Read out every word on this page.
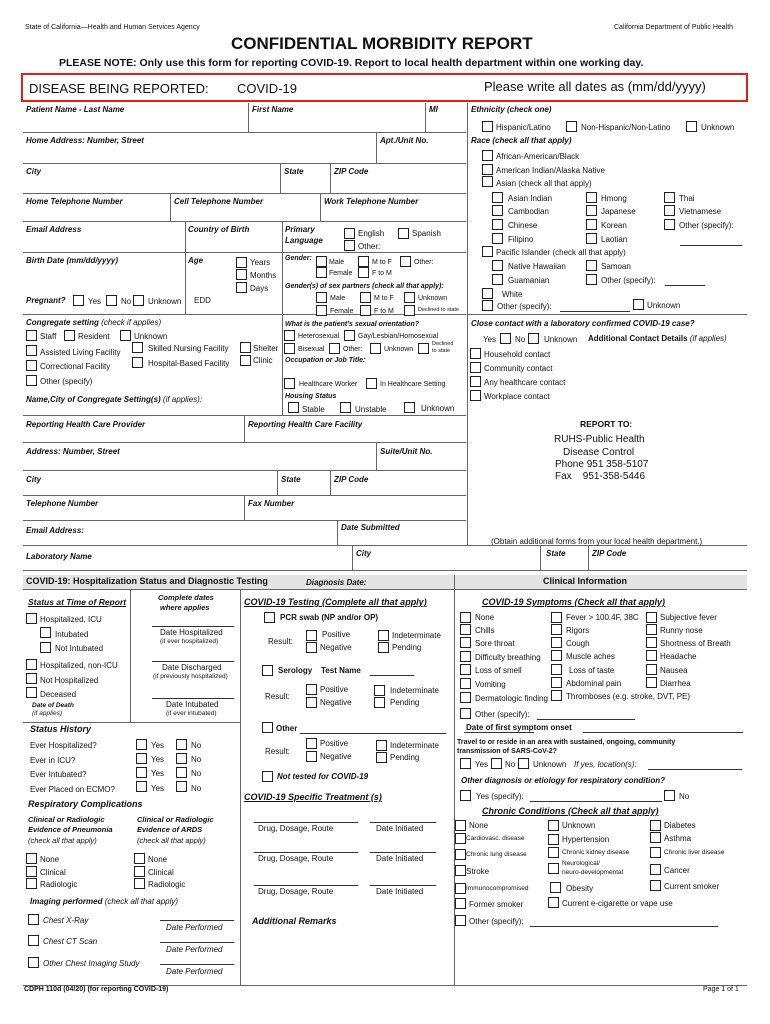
State of California—Health and Human Services Agency	California Department of Public Health
CONFIDENTIAL MORBIDITY REPORT
PLEASE NOTE: Only use this form for reporting COVID-19. Report to local health department within one working day.
DISEASE BEING REPORTED: COVID-19	Please write all dates as (mm/dd/yyyy)
Patient Name - Last Name	First Name	MI
Home Address: Number, Street	Apt./Unit No.
City	State	ZIP Code
Home Telephone Number	Cell Telephone Number	Work Telephone Number
Email Address	Country of Birth	Primary
Language
English	Spanish
Other:
Birth Date (mm/dd/yyyy)	Age	Years
Months
Days
Gender:
Male	M to F	Other:
Female	F to M
Gender(s) of sex partners (check all that apply):
Male	M to F	Unknown
Female	F to M	Declined to state
Pregnant?	Yes No Unknown EDD
Congregate setting (check if applies)
Staff	Resident	Unknown
Assisted Living Facility	Skilled Nursing Facility	Shelter
Correctional Facility	Hospital-Based Facility	Clinic
Other (specify)
Name,City of Congregate Setting(s) (if applies):
What is the patient’s sexual orientation?
Heterosexual	Gay/Lesbian/Homosexual
Bisexual	Other:	Unknown
Declined
to state
Occupation or Job Title:
Healthcare Worker	In Healthcare Setting
Housing Status
Stable	Unstable	Unknown
Ethnicity (check one)
Hispanic/Latino	Non-Hispanic/Non-Latino	Unknown
Race (check all that apply)
African-American/Black
American Indian/Alaska Native
Asian (check all that apply)
Asian Indian	Hmong	Thai
Cambodian	Japanese	Vietnamese
Chinese	Korean	Other (specify):
Filipino	Laotian
Pacific Islander (check all that apply)
Native Hawaiian	Samoan
Guamanian	Other (specify):
White
Other (specify):	Unknown
Close contact with a laboratory confirmed COVID-19 case?
Yes No Unknown Additional Contact Details (if applies)
Household contact
Community contact
Any healthcare contact
Workplace contact
Reporting Health Care Provider	Reporting Health Care Facility
Address: Number, Street	Suite/Unit No.
City	State	ZIP Code
Telephone Number	Fax Number
Email Address:	Date Submitted
Laboratory Name	City	State	ZIP Code
REPORT TO:
RUHS-Public Health
Disease Control
Phone 951 358-5107
Fax    951-358-5446
(Obtain additional forms from your local health department.)
COVID-19: Hospitalization Status and Diagnostic Testing	Diagnosis Date:	Clinical Information
Status at Time of Report	Complete dates
where applies
Hospitalized, ICU
Intubated
Not Intubated
Hospitalized, non-ICU
Not Hospitalized
Deceased
Date of Death
(if applies)
Date Hospitalized
(if ever hospitalized)
Date Discharged
(if previously hospitalized)
Date Intubated
(if ever intubated)
Status History
Ever Hospitalized?	Yes	No
Ever in ICU?	Yes	No
Ever Intubated?	Yes	No
Ever Placed on ECMO?	Yes	No
Respiratory Complications
Clinical or Radiologic
Evidence of Pneumonia
(check all that apply)
Clinical or Radiologic
Evidence of ARDS
(check all that apply)
None
Clinical
Radiologic
None
Clinical
Radiologic
Imaging performed (check all that apply)
Chest X-Ray
Date Performed
Chest CT Scan
Date Performed
Other Chest Imaging Study
Date Performed
COVID-19 Testing (Complete all that apply)
PCR swab (NP and/or OP)
Result:
Positive
Negative
Indeterminate
Pending
Serology Test Name
Result:
Positive
Negative
Indeterminate
Pending
Other
Result:
Positive
Negative
Indeterminate
Pending
Not tested for COVID-19
COVID-19 Specific Treatment (s)
Drug, Dosage, Route	Date Initiated
Drug, Dosage, Route	Date Initiated
Drug, Dosage, Route	Date Initiated
Additional Remarks
COVID-19 Symptoms (Check all that apply)
None	Fever > 100.4F, 38C	Subjective fever
Chills	Rigors	Runny nose
Sore throat	Cough	Shortness of Breath
Difficulty breathing	Muscle aches	Headache
Loss of smell	Loss of taste	Nausea
Vomiting	Abdominal pain	Diarrhea
Dermatologic finding Thromboses (e.g. stroke, DVT, PE)
Other (specify):
Date of first symptom onset
Travel to or reside in an area with sustained, ongoing, community
transmission of SARS-CoV-2?
Yes No Unknown If yes, location(s):
Other diagnosis or etiology for respiratory condition?
Yes (specify):	No
Chronic Conditions (Check all that apply)
None	Unknown	Diabetes
Cardiovasc. disease	Hypertension	Asthma
Chronic lung disease	Chronic kidney disease	Chronic liver disease
Stroke
Neurological/
neuro-developmental	Cancer
Immunocompromised	Obesity	Current smoker
Former smoker	Current e-cigarette or vape use
Other (specify):
CDPH 110d (04/20) (for reporting COVID-19)	Page 1 of 1
